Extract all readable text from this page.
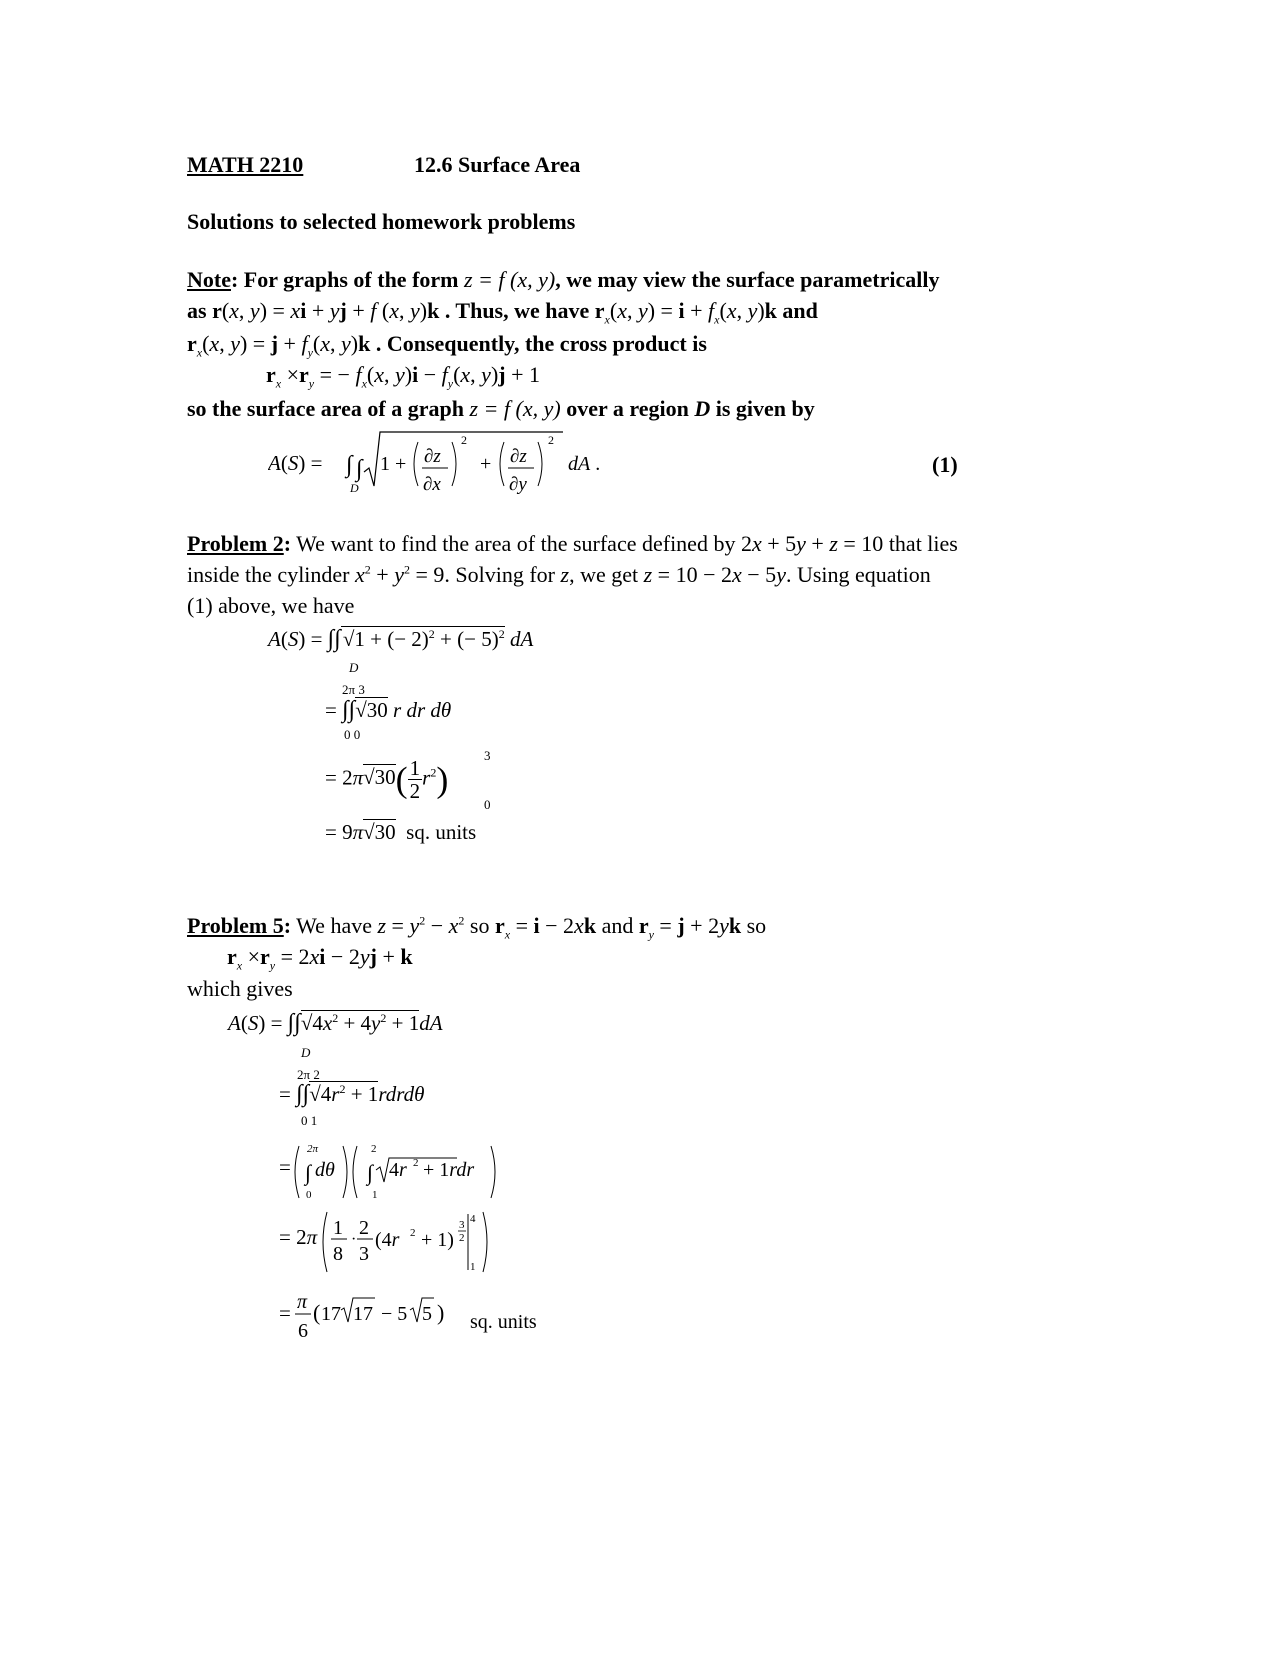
MATH 2210	12.6 Surface Area
Solutions to selected homework problems
Note: For graphs of the form z = f (x, y), we may view the surface parametrically
as r(x, y) = xi + yj + f (x, y)k . Thus, we have $r_x(x$, $y) = i + f_x(x$, y)k and
$r_x(x$, $y) = j + f_y(x$, y)k . Consequently, the cross product is
$r_x \times r_y$ = − $f_x(x$, $y)i - f_y(x$, y)j + 1
so the surface area of a graph z = f (x, y) over a region D is given by
A(S) = ∫ ∫
D
1 + ∂z
∂x
2
+ ∂z
∂y
2
dA .	(1)
Problem 2: We want to find the area of the surface defined by 2x + 5y + z = 10 that lies
inside the cylinder $x^2 + y^2 = 9$. Solving for z, we get z = 10 − 2x − 5y. Using equation
(1) above, we have
A(S) = ∫∫√1 + (− 2)$^2$ + (− 5)$^2$ dA
D
2π 3
= ∫∫√30 r dr dθ
0 0
= $2\pi√30( \frac{1}{2} r^2)$
3
0
= 9π√30 sq. units
Problem 5: We have $z = y^2 - x^2$ so $r_x = i - 2xk$ and $r_y = j + 2yk$ so
$r_x \times r_y = 2xi - 2yj + k$
which gives
$A(S) = \int\int√4x^2 + 4y^2 + 1dA$
D
2π 2
= $\int\int√4r^2$ + 1rdrdθ
0 1
=
2π
∫ dθ
0
2
∫
1
4r 2 + 1rdr
= 2π 1
8
·
2
3
(4r 2 + 1)
3
2
4
1
= π
6
( 17 17 − 5 5 ) sq. units
